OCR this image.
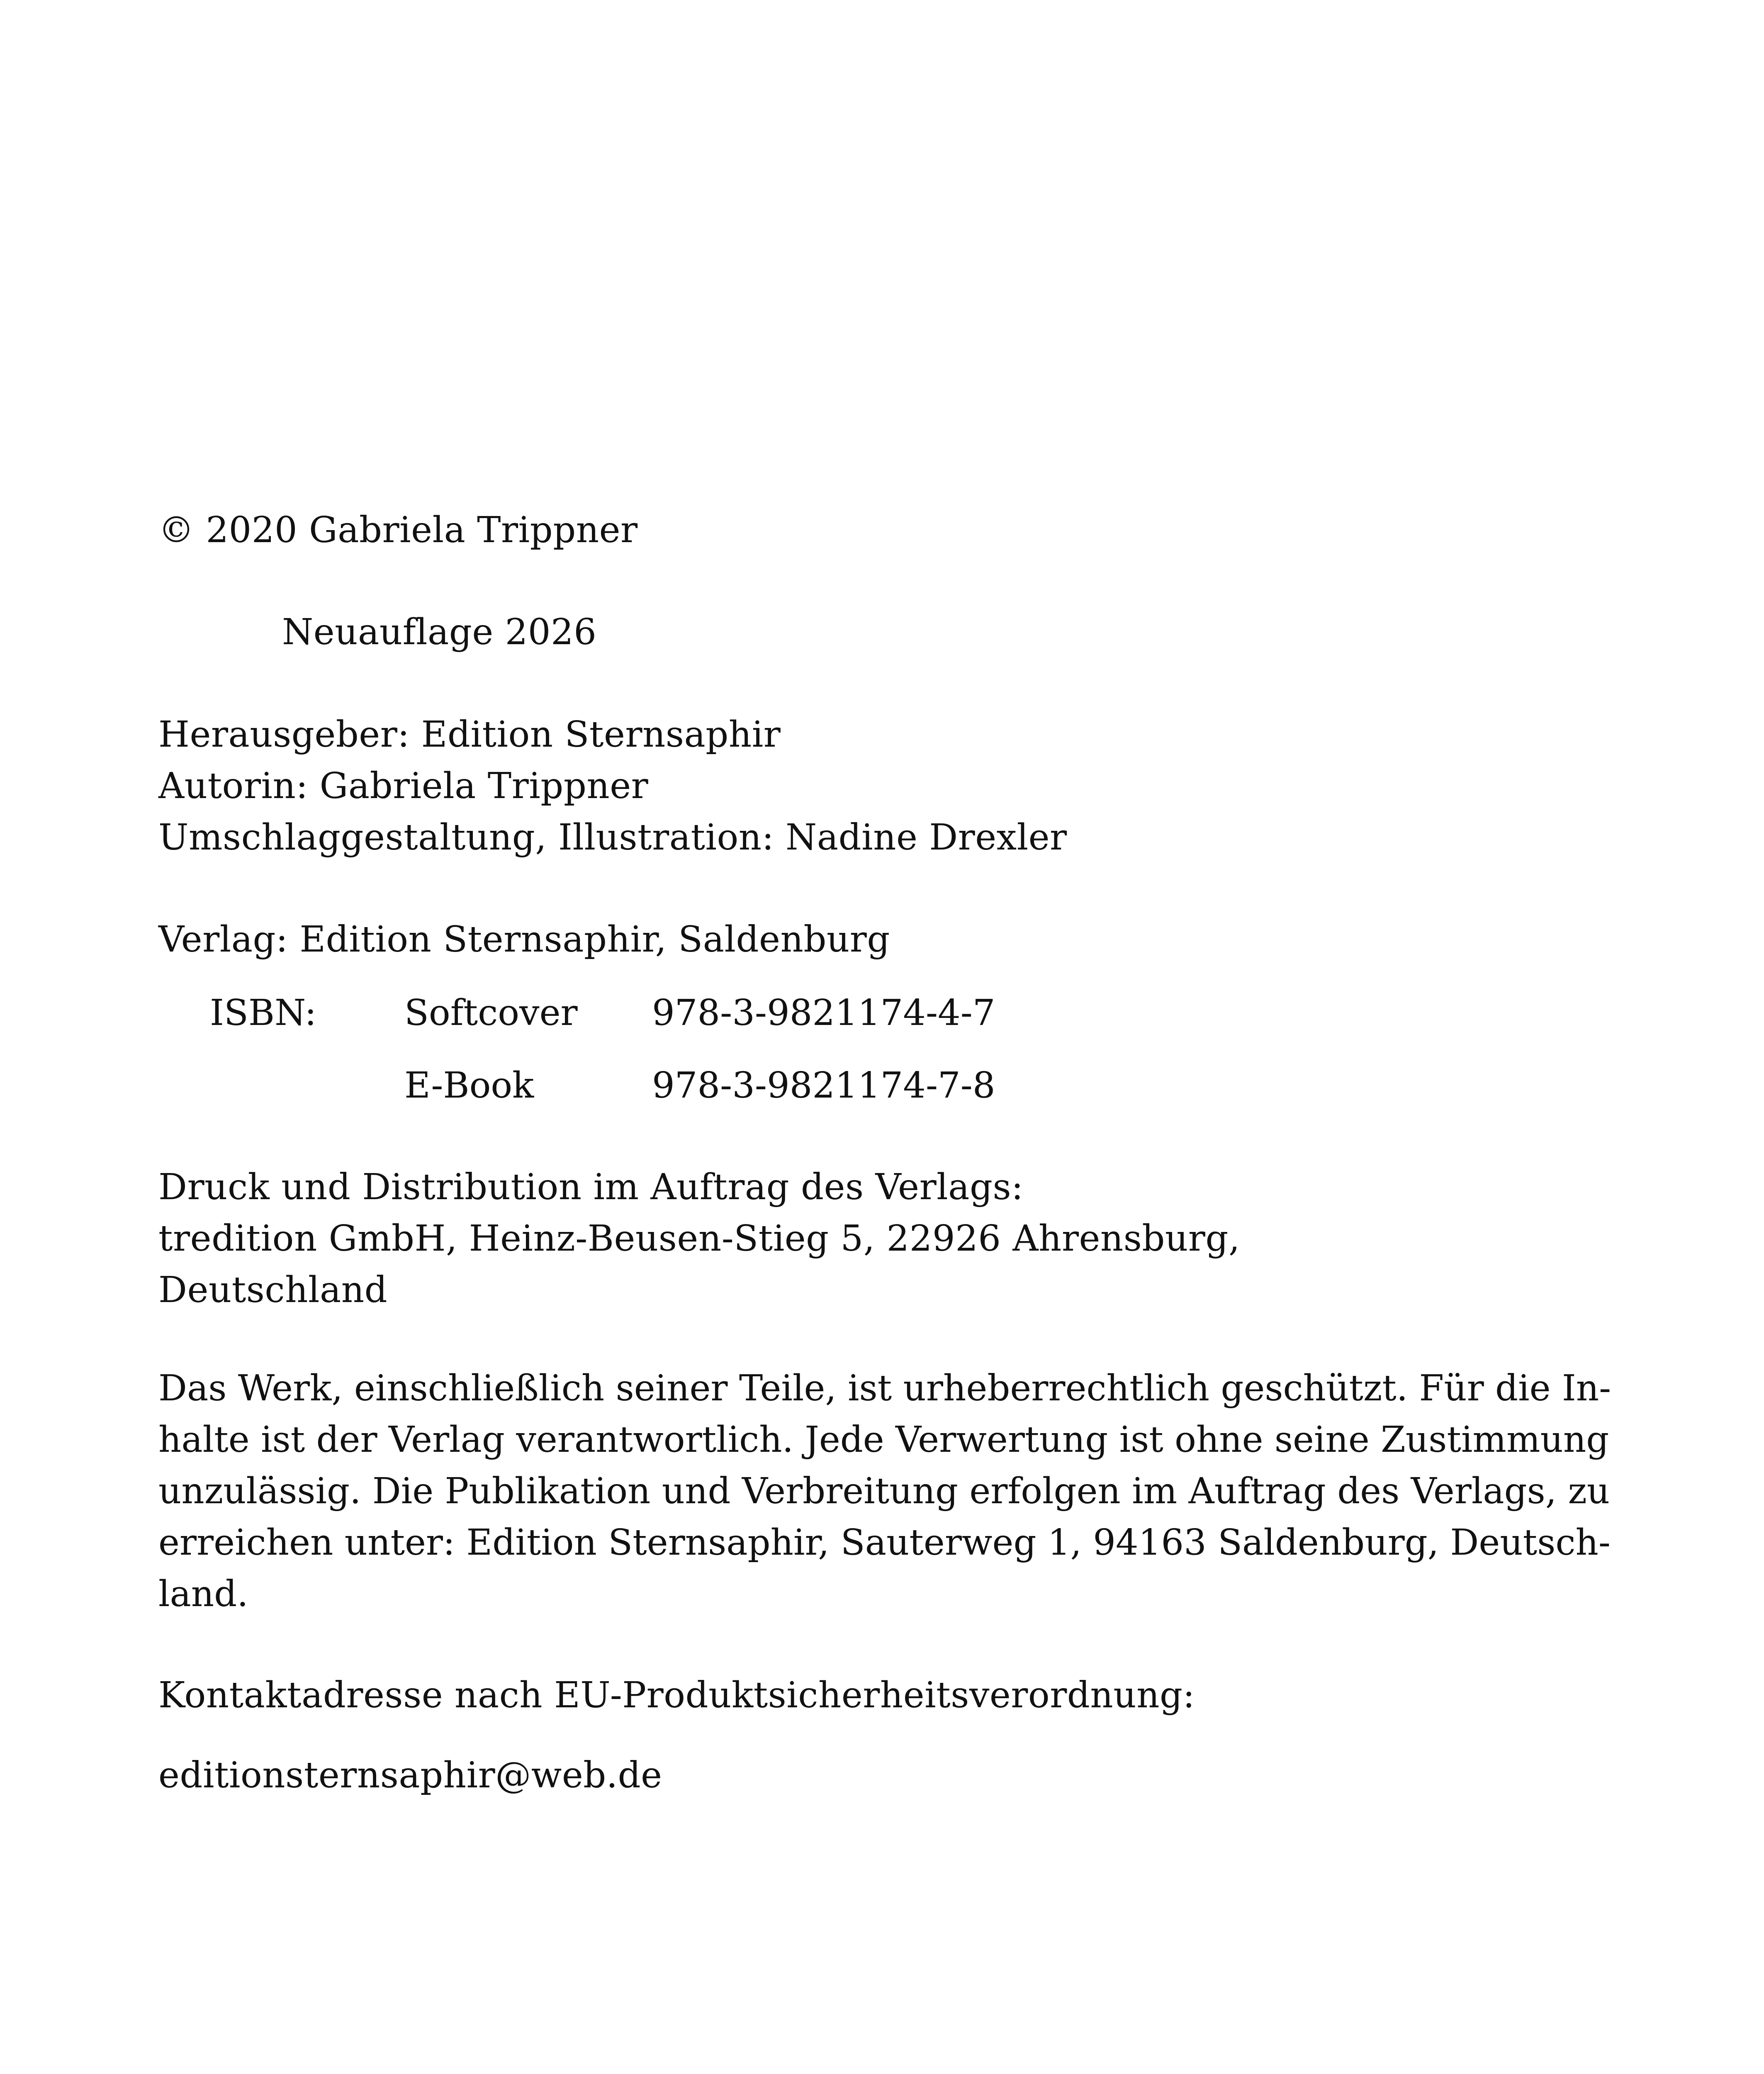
© 2020 Gabriela Trippner
Neuauflage 2026
Herausgeber: Edition Sternsaphir
Autorin: Gabriela Trippner
Umschlaggestaltung, Illustration: Nadine Drexler
Verlag: Edition Sternsaphir, Saldenburg
ISBN: Softcover 978-3-9821174-4-7
E-Book	978-3-9821174-7-8
Druck und Distribution im Auftrag des Verlags:
tredition GmbH, Heinz-Beusen-Stieg 5, 22926 Ahrensburg,
Deutschland
Das Werk, einschließlich seiner Teile, ist urheberrechtlich geschützt. Für die In-
halte ist der Verlag verantwortlich. Jede Verwertung ist ohne seine Zustimmung
unzulässig. Die Publikation und Verbreitung erfolgen im Auftrag des Verlags, zu
erreichen unter: Edition Sternsaphir, Sauterweg 1, 94163 Saldenburg, Deutsch-
land.
Kontaktadresse nach EU-Produktsicherheitsverordnung:
editionsternsaphir@web.de
